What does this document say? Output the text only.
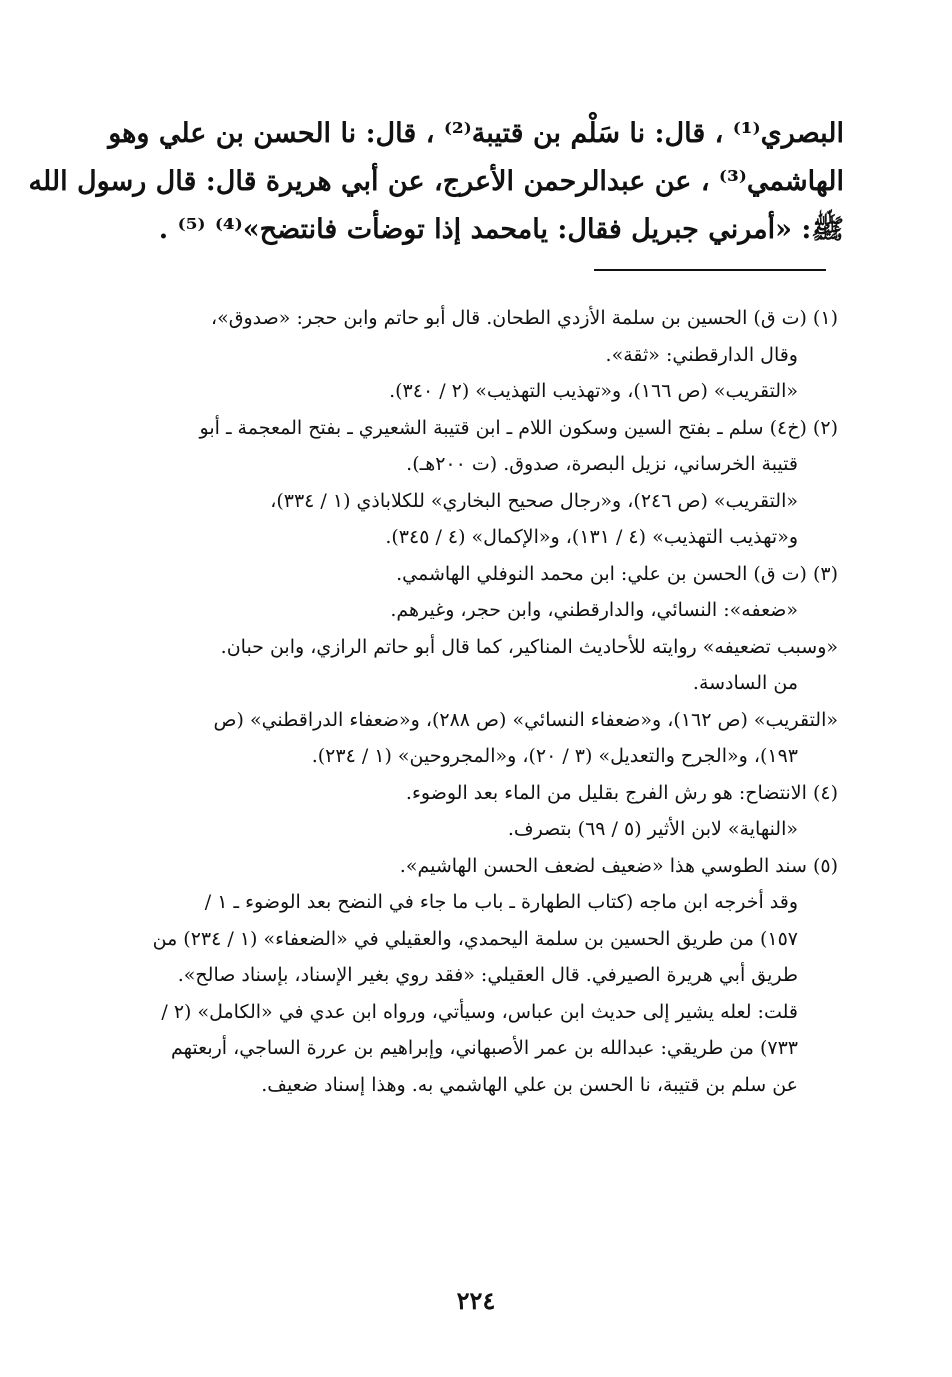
البصري⁽¹⁾ ، قال: نا سَلْم بن قتيبة⁽²⁾ ، قال: نا الحسن بن علي وهو

الهاشمي⁽³⁾ ، عن عبدالرحمن الأعرج، عن أبي هريرة قال: قال رسول الله

ﷺ: «أمرني جبريل فقال: يامحمد إذا توضأت فانتضح»⁽⁴⁾ ⁽⁵⁾ .

(١) (ت ق) الحسين بن سلمة الأزدي الطحان. قال أبو حاتم وابن حجر: «صدوق»،

وقال الدارقطني: «ثقة».

«التقريب» (ص ١٦٦)، و«تهذيب التهذيب» (٢ / ٣٤٠).

(٢) (خ٤) سلم ـ بفتح السين وسكون اللام ـ ابن قتيبة الشعيري ـ بفتح المعجمة ـ أبو

قتيبة الخرساني، نزيل البصرة، صدوق. (ت ٢٠٠هـ).

«التقريب» (ص ٢٤٦)، و«رجال صحيح البخاري» للكلاباذي (١ / ٣٣٤)،

و«تهذيب التهذيب» (٤ / ١٣١)، و«الإكمال» (٤ / ٣٤٥).

(٣) (ت ق) الحسن بن علي: ابن محمد النوفلي الهاشمي.

«ضعفه»: النسائي، والدارقطني، وابن حجر، وغيرهم.

«وسبب تضعيفه» روايته للأحاديث المناكير، كما قال أبو حاتم الرازي، وابن حبان.

من السادسة.

«التقريب» (ص ١٦٢)، و«ضعفاء النسائي» (ص ٢٨٨)، و«ضعفاء الدراقطني» (ص

١٩٣)، و«الجرح والتعديل» (٣ / ٢٠)، و«المجروحين» (١ / ٢٣٤).

(٤) الانتضاح: هو رش الفرج بقليل من الماء بعد الوضوء.

«النهاية» لابن الأثير (٥ / ٦٩) بتصرف.

(٥) سند الطوسي هذا «ضعيف لضعف الحسن الهاشيم».

وقد أخرجه ابن ماجه (كتاب الطهارة ـ باب ما جاء في النضح بعد الوضوء ـ ١ /

١٥٧) من طريق الحسين بن سلمة اليحمدي، والعقيلي في «الضعفاء» (١ / ٢٣٤) من

طريق أبي هريرة الصيرفي. قال العقيلي: «فقد روي بغير الإسناد، بإسناد صالح».

قلت: لعله يشير إلى حديث ابن عباس، وسيأتي، ورواه ابن عدي في «الكامل» (٢ /

٧٣٣) من طريقي: عبدالله بن عمر الأصبهاني، وإبراهيم بن عررة الساجي، أربعتهم

عن سلم بن قتيبة، نا الحسن بن علي الهاشمي به. وهذا إسناد ضعيف.

٢٢٤
